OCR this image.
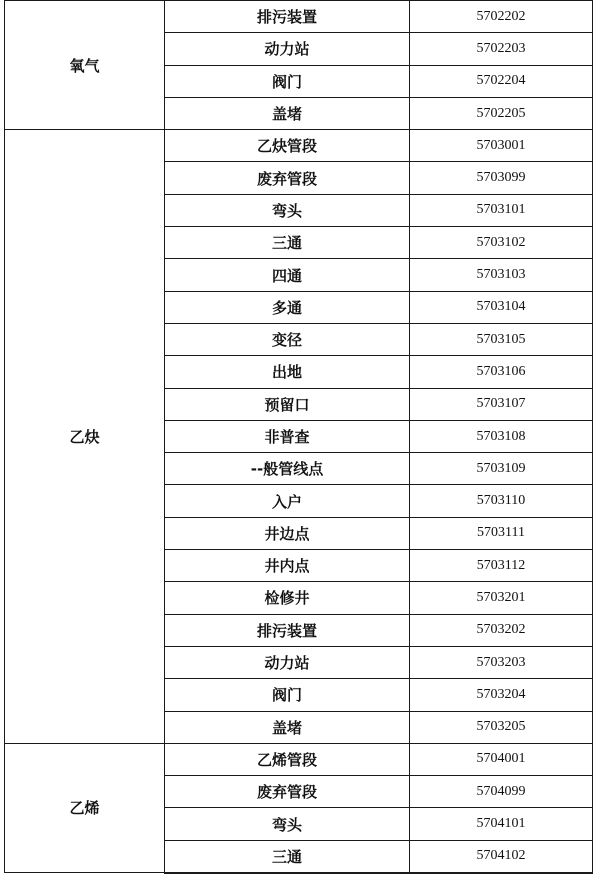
氧气	排污装置	5702202
	动力站	5702203
	阀门	5702204
	盖堵	5702205
乙炔	乙炔管段	5703001
	废弃管段	5703099
	弯头	5703101
	三通	5703102
	四通	5703103
	多通	5703104
	变径	5703105
	出地	5703106
	预留口	5703107
	非普查	5703108
	--般管线点	5703109
	入户	5703110
	井边点	5703111
	井内点	5703112
	检修井	5703201
	排污装置	5703202
	动力站	5703203
	阀门	5703204
	盖堵	5703205
乙烯	乙烯管段	5704001
	废弃管段	5704099
	弯头	5704101
	三通	5704102
